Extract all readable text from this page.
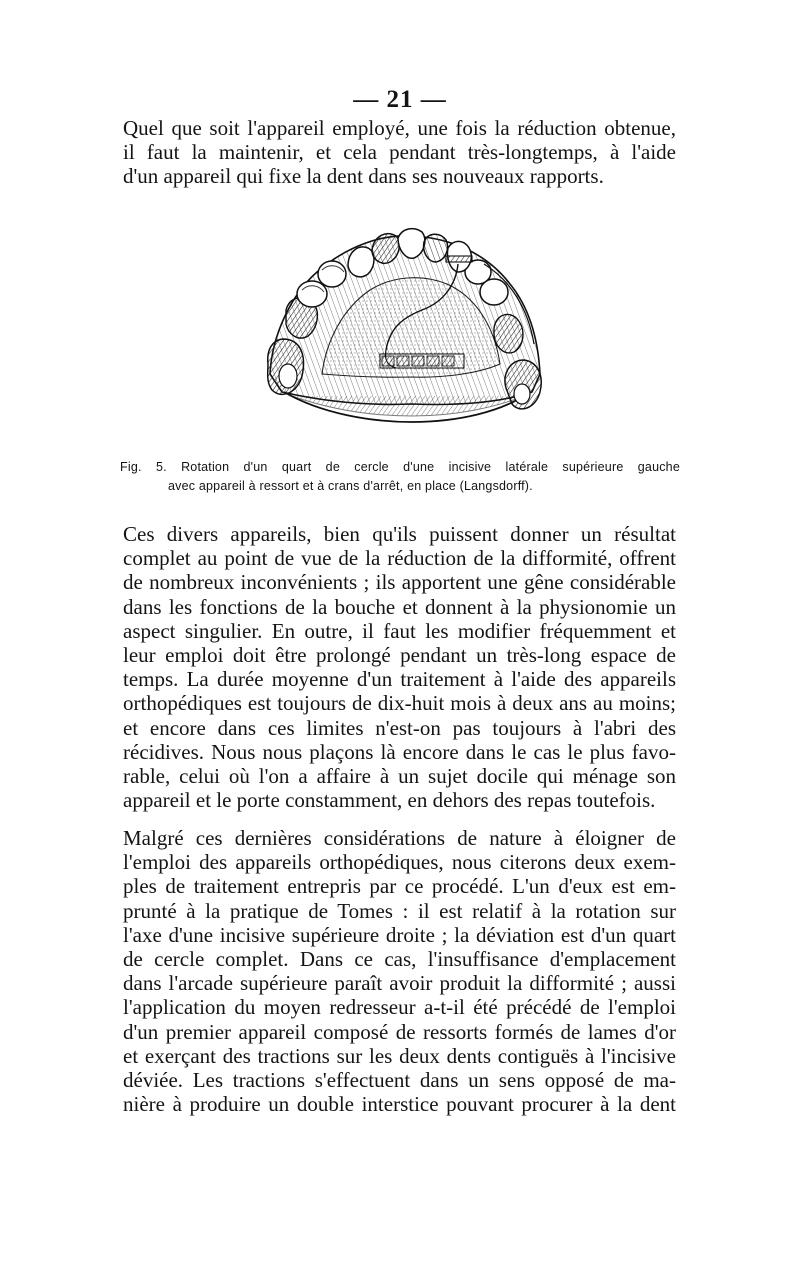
— 21 —
Quel que soit l'appareil employé, une fois la réduction obtenue,
il faut la maintenir, et cela pendant très-longtemps, à l'aide
d'un appareil qui fixe la dent dans ses nouveaux rapports.
Fig. 5. Rotation d'un quart de cercle d'une incisive latérale supérieure gauche
avec appareil à ressort et à crans d'arrêt, en place (Langsdorff).
Ces divers appareils, bien qu'ils puissent donner un résultat
complet au point de vue de la réduction de la difformité, offrent
de nombreux inconvénients ; ils apportent une gêne considérable
dans les fonctions de la bouche et donnent à la physionomie un
aspect singulier. En outre, il faut les modifier fréquemment et
leur emploi doit être prolongé pendant un très-long espace de
temps. La durée moyenne d'un traitement à l'aide des appareils
orthopédiques est toujours de dix-huit mois à deux ans au moins;
et encore dans ces limites n'est-on pas toujours à l'abri des
récidives. Nous nous plaçons là encore dans le cas le plus favo-
rable, celui où l'on a affaire à un sujet docile qui ménage son
appareil et le porte constamment, en dehors des repas toutefois.
Malgré ces dernières considérations de nature à éloigner de
l'emploi des appareils orthopédiques, nous citerons deux exem-
ples de traitement entrepris par ce procédé. L'un d'eux est em-
prunté à la pratique de Tomes : il est relatif à la rotation sur
l'axe d'une incisive supérieure droite ; la déviation est d'un quart
de cercle complet. Dans ce cas, l'insuffisance d'emplacement
dans l'arcade supérieure paraît avoir produit la difformité ; aussi
l'application du moyen redresseur a-t-il été précédé de l'emploi
d'un premier appareil composé de ressorts formés de lames d'or
et exerçant des tractions sur les deux dents contiguës à l'incisive
déviée. Les tractions s'effectuent dans un sens opposé de ma-
nière à produire un double interstice pouvant procurer à la dent
